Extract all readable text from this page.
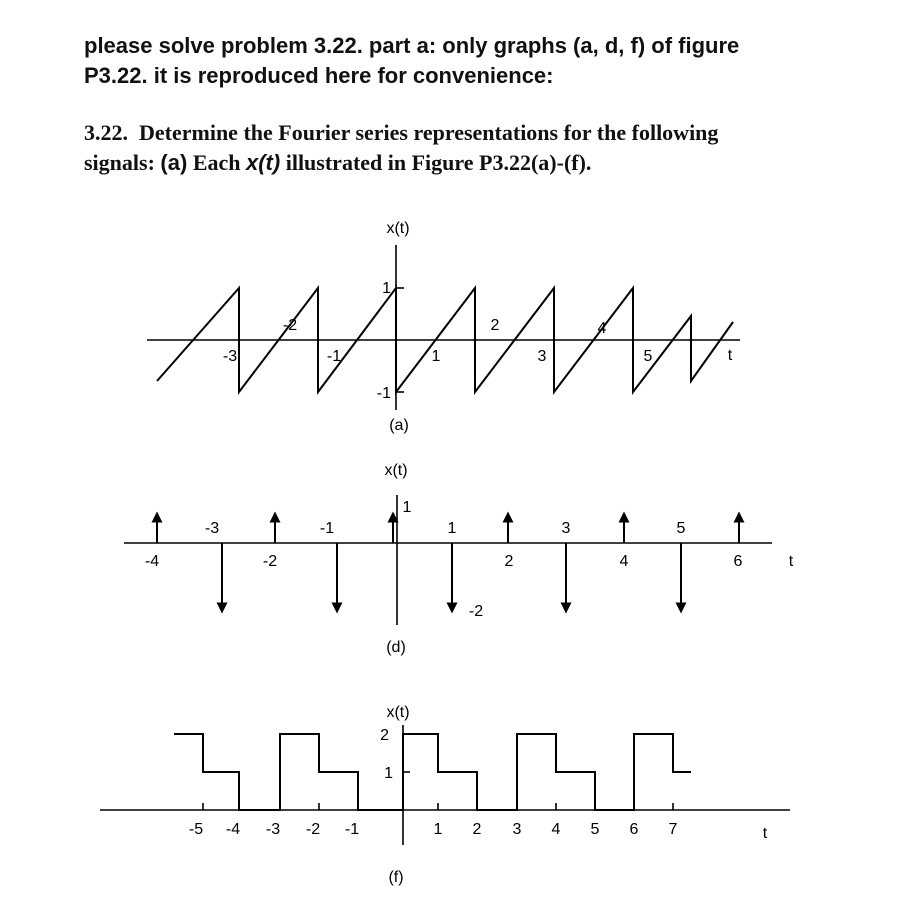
please solve problem 3.22. part a: only graphs (a, d, f) of figure
P3.22. it is reproduced here for convenience:
3.22. Determine the Fourier series representations for the following
signals: (a) Each x(t) illustrated in Figure P3.22(a)-(f).
x(t)
1
-1
-3	-1	1	3	5
-2	2	4
t
(a)
x(t)
-3	-1
1
1	3	5
-4	-2	2	4	6
-2
t
(d)
x(t)
2
1
-5 -4 -3 -2 -1	1 2 3 4 5 6 7	t
(f)
